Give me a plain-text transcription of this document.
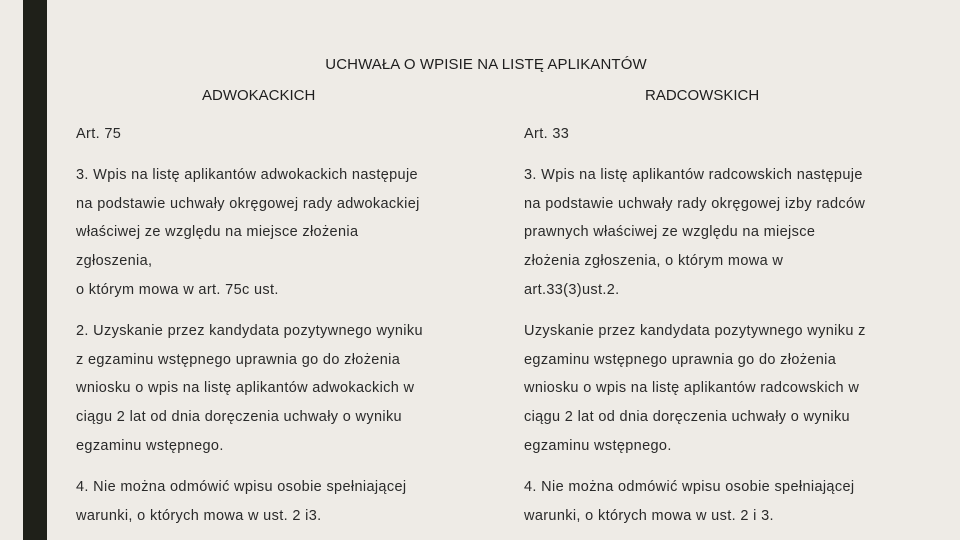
UCHWAŁA O WPISIE NA LISTĘ APLIKANTÓW
ADWOKACKICH	RADCOWSKICH
Art. 75
3. Wpis na listę aplikantów adwokackich następuje
na podstawie uchwały okręgowej rady adwokackiej
właściwej ze względu na miejsce złożenia
zgłoszenia,
o którym mowa w art. 75c ust.
2. Uzyskanie przez kandydata pozytywnego wyniku
z egzaminu wstępnego uprawnia go do złożenia
wniosku o wpis na listę aplikantów adwokackich w
ciągu 2 lat od dnia doręczenia uchwały o wyniku
egzaminu wstępnego.
4. Nie można odmówić wpisu osobie spełniającej
warunki, o których mowa w ust. 2 i3.
Art. 33
3. Wpis na listę aplikantów radcowskich następuje
na podstawie uchwały rady okręgowej izby radców
prawnych właściwej ze względu na miejsce
złożenia zgłoszenia, o którym mowa w
art.33(3)ust.2.
Uzyskanie przez kandydata pozytywnego wyniku z
egzaminu wstępnego uprawnia go do złożenia
wniosku o wpis na listę aplikantów radcowskich w
ciągu 2 lat od dnia doręczenia uchwały o wyniku
egzaminu wstępnego.
4. Nie można odmówić wpisu osobie spełniającej
warunki, o których mowa w ust. 2 i 3.
